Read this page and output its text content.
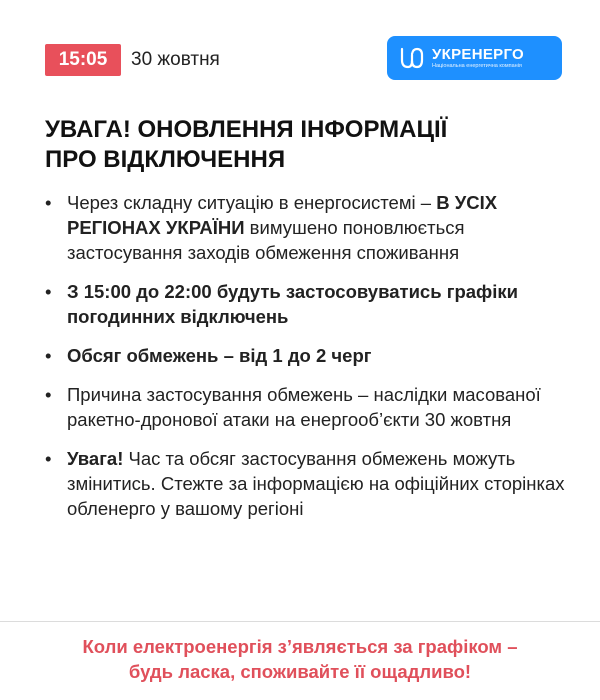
15:05	30 жовтня	УКРЕНЕРГО
Національна енергетична компанія
УВАГА! ОНОВЛЕННЯ ІНФОРМАЦІЇ
ПРО ВІДКЛЮЧЕННЯ
• Через складну ситуацію в енергосистемі – В УСІХ РЕГІОНАХ УКРАЇНИ вимушено поновлюється застосування заходів обмеження споживання
• З 15:00 до 22:00 будуть застосовуватись графіки погодинних відключень
• Обсяг обмежень – від 1 до 2 черг
• Причина застосування обмежень – наслідки масованої ракетно-дронової атаки на енергооб’єкти 30 жовтня
• Увага! Час та обсяг застосування обмежень можуть змінитись. Стежте за інформацією на офіційних сторінках обленерго у вашому регіоні
Коли електроенергія з’являється за графіком –
будь ласка, споживайте її ощадливо!
